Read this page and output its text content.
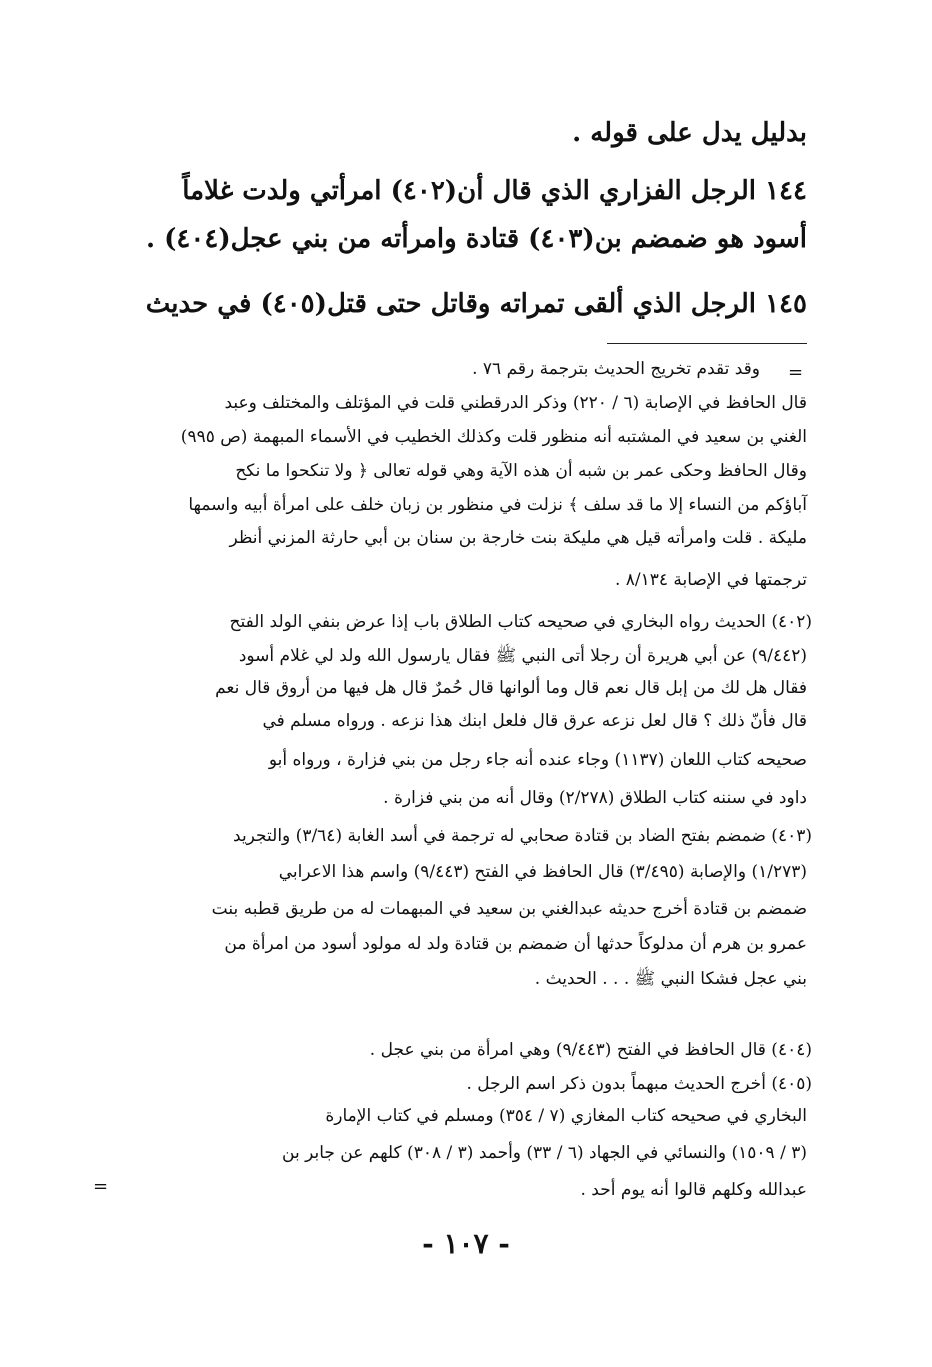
بدليل يدل على قوله .
١٤٤ الرجل الفزاري الذي قال أن(٤٠٢) امرأتي ولدت غلاماً
أسود هو ضمضم بن(٤٠٣) قتادة وامرأته من بني عجل(٤٠٤) .
١٤٥ الرجل الذي ألقى تمراته وقاتل حتى قتل(٤٠٥) في حديث
=
وقد تقدم تخريج الحديث بترجمة رقم ٧٦ .
قال الحافظ في الإصابة (٦ / ٢٢٠) وذكر الدرقطني قلت في المؤتلف والمختلف وعبد
الغني بن سعيد في المشتبه أنه منظور قلت وكذلك الخطيب في الأسماء المبهمة (ص ٩٩٥)
وقال الحافظ وحكى عمر بن شبه أن هذه الآية وهي قوله تعالى ﴿ ولا تنكحوا ما نكح
آباؤكم من النساء إلا ما قد سلف ﴾ نزلت في منظور بن زبان خلف على امرأة أبيه واسمها
مليكة . قلت وامرأته قيل هي مليكة بنت خارجة بن سنان بن أبي حارثة المزني أنظر
ترجمتها في الإصابة ٨/١٣٤ .
(٤٠٢) الحديث رواه البخاري في صحيحه كتاب الطلاق باب إذا عرض بنفي الولد الفتح
(٩/٤٤٢) عن أبي هريرة أن رجلا أتى النبي ﷺ فقال يارسول الله ولد لي غلام أسود
فقال هل لك من إبل قال نعم قال وما ألوانها قال حُمرٌ قال هل فيها من أروق قال نعم
قال فأنّ ذلك ؟ قال لعل نزعه عرق قال فلعل ابنك هذا نزعه . ورواه مسلم في
صحيحه كتاب اللعان (١١٣٧) وجاء عنده أنه جاء رجل من بني فزارة ، ورواه أبو
داود في سننه كتاب الطلاق (٢/٢٧٨) وقال أنه من بني فزارة .
(٤٠٣) ضمضم بفتح الضاد بن قتادة صحابي له ترجمة في أسد الغابة (٣/٦٤) والتجريد
(١/٢٧٣) والإصابة (٣/٤٩٥) قال الحافظ في الفتح (٩/٤٤٣) واسم هذا الاعرابي
ضمضم بن قتادة أخرج حديثه عبدالغني بن سعيد في المبهمات له من طريق قطبه بنت
عمرو بن هرم أن مدلوكاً حدثها أن ضمضم بن قتادة ولد له مولود أسود من امرأة من
بني عجل فشكا النبي ﷺ . . . الحديث .
(٤٠٤) قال الحافظ في الفتح (٩/٤٤٣) وهي امرأة من بني عجل .
(٤٠٥) أخرج الحديث مبهماً بدون ذكر اسم الرجل .
البخاري في صحيحه كتاب المغازي (٧ / ٣٥٤) ومسلم في كتاب الإمارة
(٣ / ١٥٠٩) والنسائي في الجهاد (٦ / ٣٣) وأحمد (٣ / ٣٠٨) كلهم عن جابر بن
عبدالله وكلهم قالوا أنه يوم أحد .
=
- ١٠٧ -
